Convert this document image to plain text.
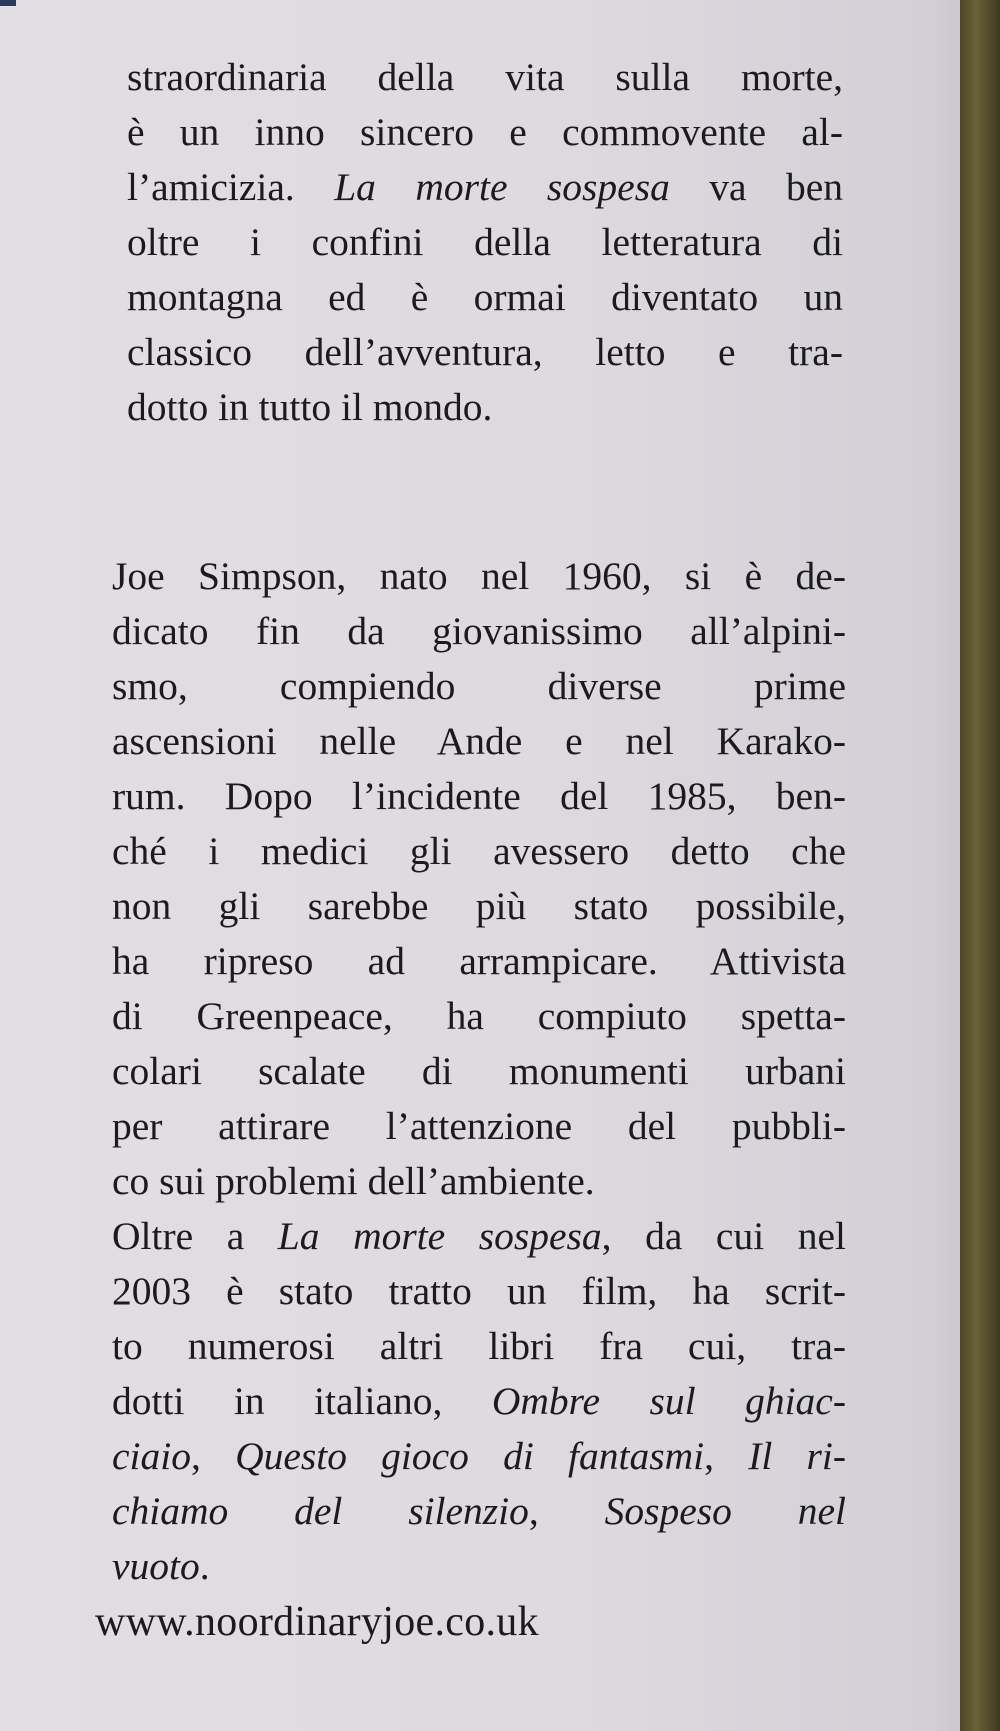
straordinaria della vita sulla morte,
è un inno sincero e commovente al-
l’amicizia. La morte sospesa va ben
oltre i confini della letteratura di
montagna ed è ormai diventato un
classico dell’avventura, letto e tra-
dotto in tutto il mondo.
Joe Simpson, nato nel 1960, si è de-
dicato fin da giovanissimo all’alpini-
smo, compiendo diverse prime
ascensioni nelle Ande e nel Karako-
rum. Dopo l’incidente del 1985, ben-
ché i medici gli avessero detto che
non gli sarebbe più stato possibile,
ha ripreso ad arrampicare. Attivista
di Greenpeace, ha compiuto spetta-
colari scalate di monumenti urbani
per attirare l’attenzione del pubbli-
co sui problemi dell’ambiente.
Oltre a La morte sospesa, da cui nel
2003 è stato tratto un film, ha scrit-
to numerosi altri libri fra cui, tra-
dotti in italiano, Ombre sul ghiac-
ciaio, Questo gioco di fantasmi, Il ri-
chiamo del silenzio, Sospeso nel
vuoto.

www.noordinaryjoe.co.uk
